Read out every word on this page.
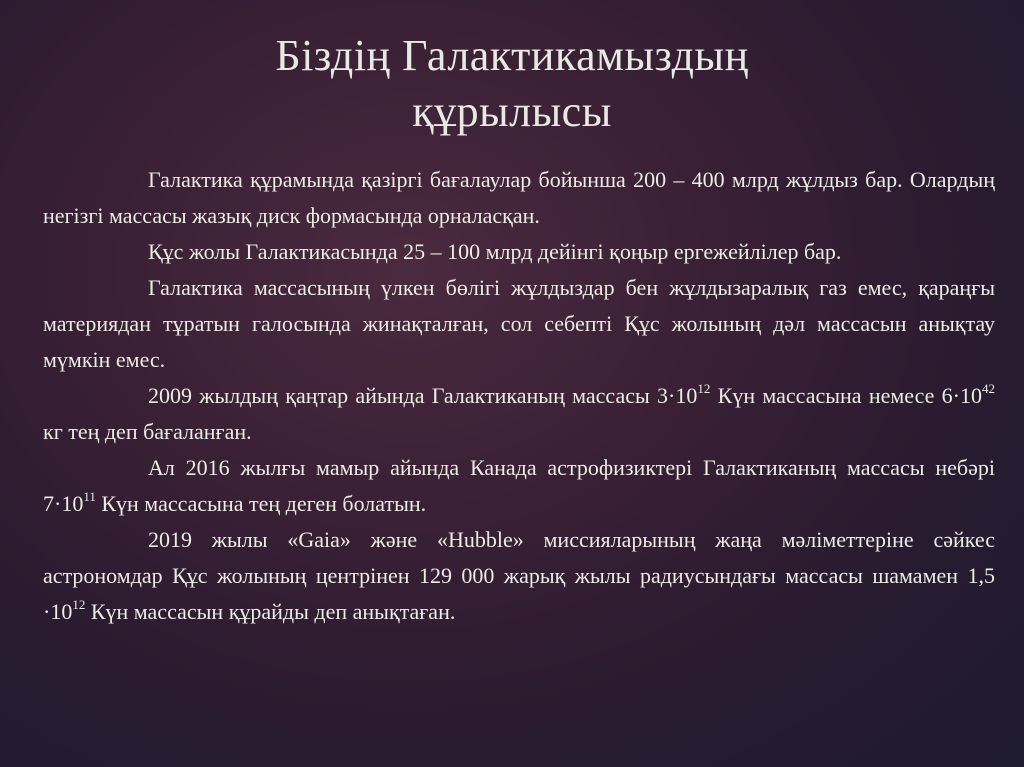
Біздің Галактикамыздың
құрылысы

Галактика құрамында қазіргі бағалаулар бойынша 200 – 400 млрд жұлдыз бар. Олардың негізгі массасы жазық диск формасында орналасқан.

Құс жолы Галактикасында 25 – 100 млрд дейінгі қоңыр ергежейлілер бар.

Галактика массасының үлкен бөлігі жұлдыздар бен жұлдызаралық газ емес, қараңғы материядан тұратын галосында жинақталған, сол себепті Құс жолының дәл массасын анықтау мүмкін емес.

2009 жылдың қаңтар айында Галактиканың массасы $3\cdot 10^{12}$ Күн массасына немесе $6\cdot 10^{42}$ кг тең деп бағаланған.

Ал 2016 жылғы мамыр айында Канада астрофизиктері Галактиканың массасы небәрі $7\cdot 10^{11}$ Күн массасына тең деген болатын.

2019 жылы «Gaia» және «Hubble» миссияларының жаңа мәліметтеріне сәйкес астрономдар Құс жолының центрінен 129 000 жарық жылы радиусындағы массасы шамамен $1,5 \cdot 10^{12}$ Күн массасын құрайды деп анықтаған.
